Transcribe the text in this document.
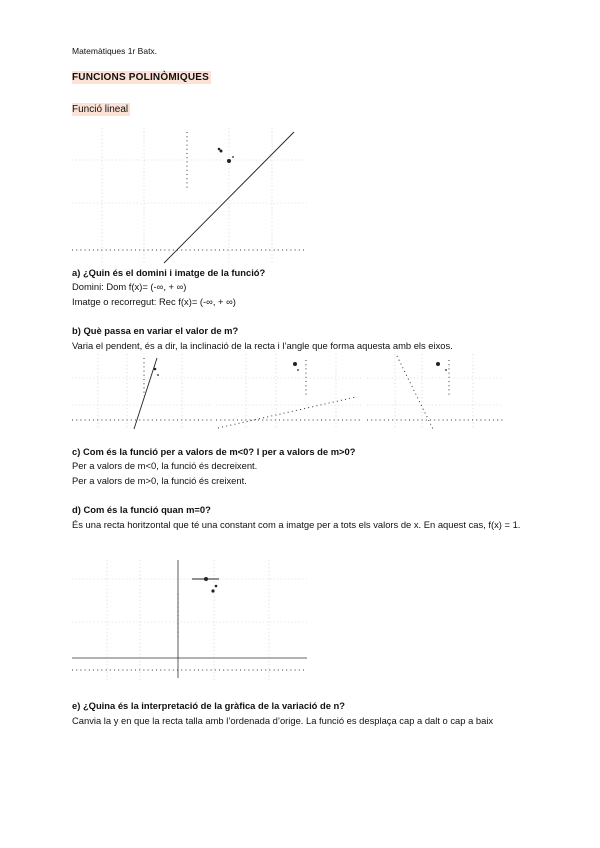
Matemàtiques 1r Batx.
FUNCIONS POLINÒMIQUES
Funció lineal
a) ¿Quin és el domini i imatge de la funció?
Domini: Dom f(x)= (-∞, + ∞)
Imatge o recorregut: Rec f(x)= (-∞, + ∞)
b) Què passa en variar el valor de m?
Varia el pendent, és a dir, la inclinació de la recta i l’angle que forma aquesta amb els eixos.
c) Com és la funció per a valors de m<0? I per a valors de m>0?
Per a valors de m<0, la funció és decreixent.
Per a valors de m>0, la funció és creixent.
d) Com és la funció quan m=0?
És una recta horitzontal que té una constant com a imatge per a tots els valors de x. En aquest cas, f(x) = 1.
e) ¿Quina és la interpretació de la gràfica de la variació de n?
Canvia la y en que la recta talla amb l’ordenada d’orige. La funció es desplaça cap a dalt o cap a baix
